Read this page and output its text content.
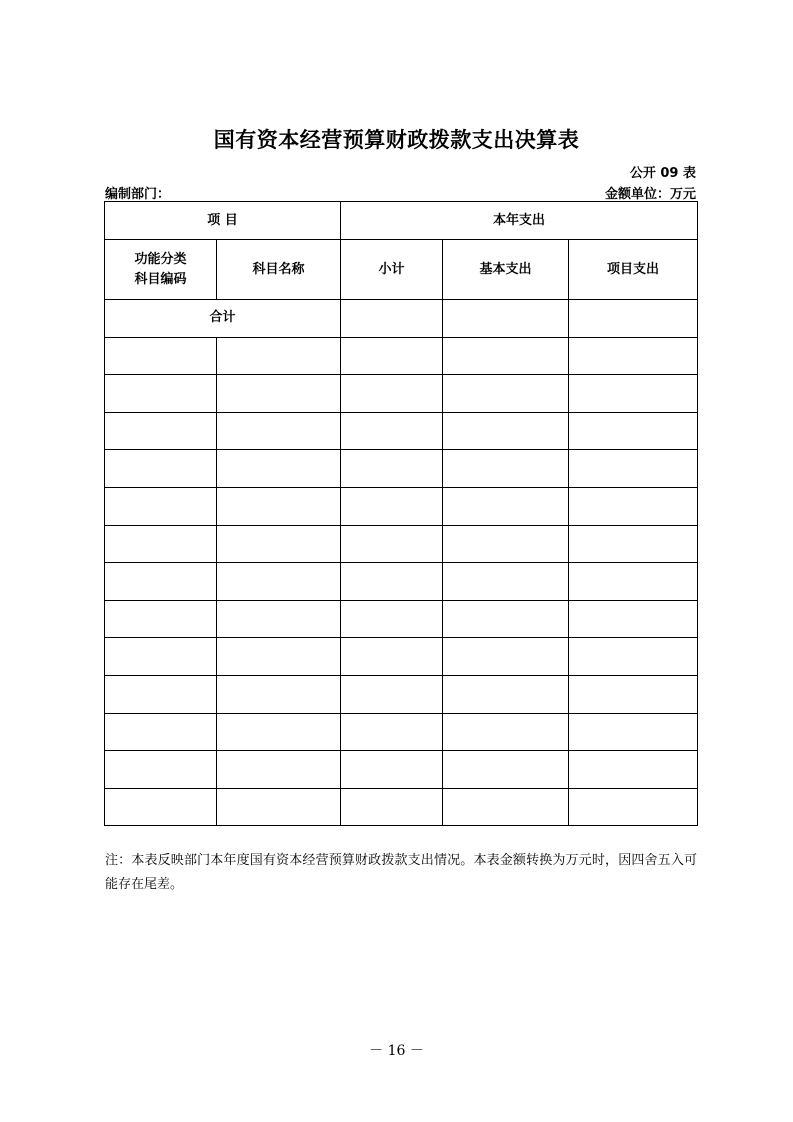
国有资本经营预算财政拨款支出决算表
公开 09 表
编制部门：	金额单位：万元
项 目		本年支出		

功能分类
科目编码	科目名称	小计	基本支出	项目支出
合计				

注：本表反映部门本年度国有资本经营预算财政拨款支出情况。本表金额转换为万元时，因四舍五入可能存在尾差。
－ 16 －
